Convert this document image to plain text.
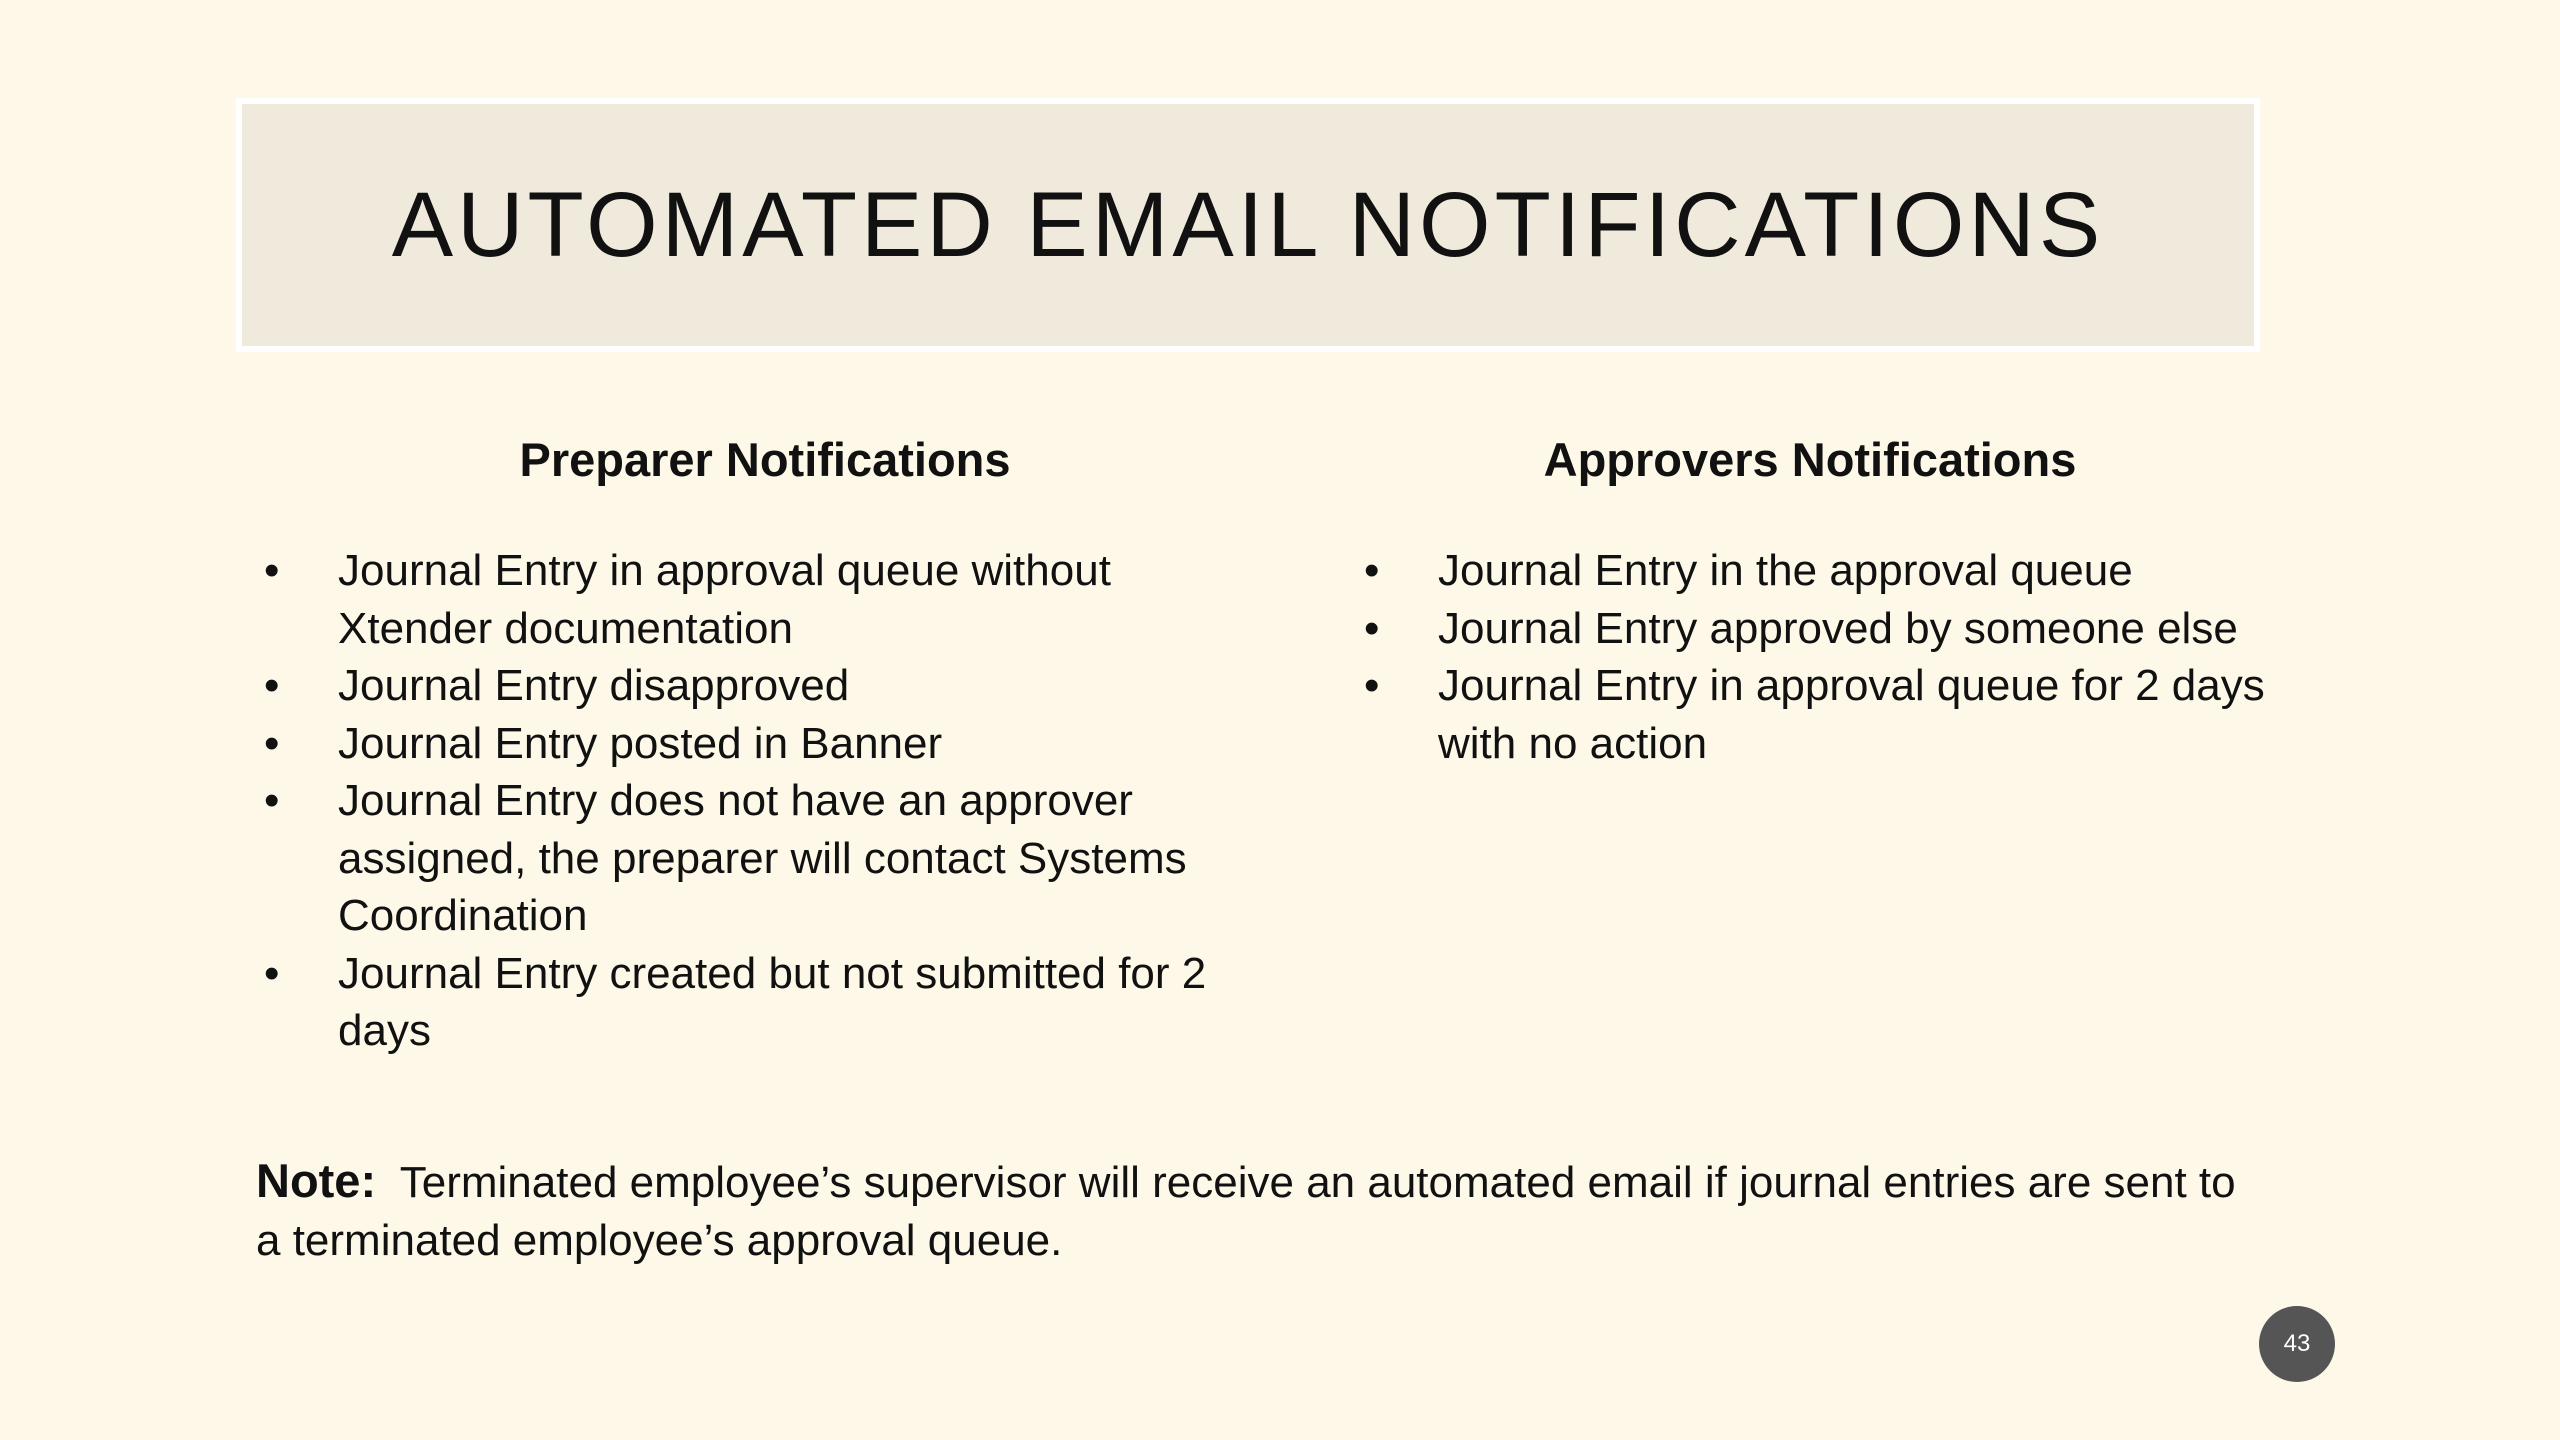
AUTOMATED EMAIL NOTIFICATIONS
Preparer Notifications
• Journal Entry in approval queue without Xtender documentation
• Journal Entry disapproved
• Journal Entry posted in Banner
• Journal Entry does not have an approver assigned, the preparer will contact Systems Coordination
• Journal Entry created but not submitted for 2 days
Approvers Notifications
• Journal Entry in the approval queue
• Journal Entry approved by someone else
• Journal Entry in approval queue for 2 days with no action

Note: Terminated employee’s supervisor will receive an automated email if journal entries are sent to a terminated employee’s approval queue.

43
